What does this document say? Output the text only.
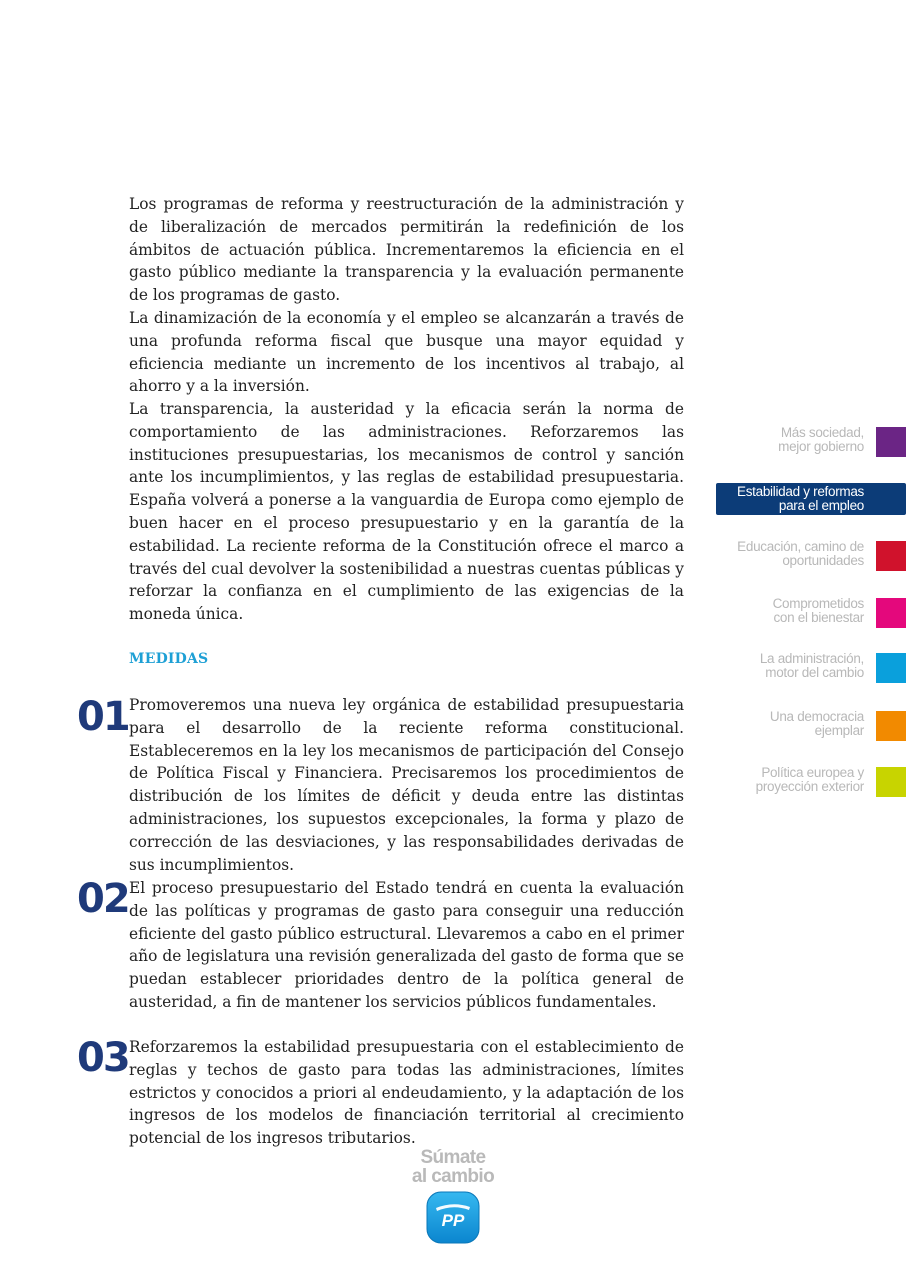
Los programas de reforma y reestructuración de la administración y de liberalización de mercados permitirán la redefinición de los ámbitos de actuación pública. Incrementaremos la eficiencia en el gasto público mediante la transparencia y la evaluación permanente de los programas de gasto.

La dinamización de la economía y el empleo se alcanzarán a través de una profunda reforma fiscal que busque una mayor equidad y eficiencia mediante un incremento de los incentivos al trabajo, al ahorro y a la inversión.

La transparencia, la austeridad y la eficacia serán la norma de comportamiento de las administraciones. Reforzaremos las instituciones presupuestarias, los mecanismos de control y sanción ante los incumplimientos, y las reglas de estabilidad presupuestaria. España volverá a ponerse a la vanguardia de Europa como ejemplo de buen hacer en el proceso presupuestario y en la garantía de la estabilidad. La reciente reforma de la Constitución ofrece el marco a través del cual devolver la sostenibilidad a nuestras cuentas públicas y reforzar la confianza en el cumplimiento de las exigencias de la moneda única.

MEDIDAS
01 Promoveremos una nueva ley orgánica de estabilidad presupuestaria para el desarrollo de la reciente reforma constitucional. Estableceremos en la ley los mecanismos de participación del Consejo de Política Fiscal y Financiera. Precisaremos los procedimientos de distribución de los límites de déficit y deuda entre las distintas administraciones, los supuestos excepcionales, la forma y plazo de corrección de las desviaciones, y las responsabilidades derivadas de sus incumplimientos.

02 El proceso presupuestario del Estado tendrá en cuenta la evaluación de las políticas y programas de gasto para conseguir una reducción eficiente del gasto público estructural. Llevaremos a cabo en el primer año de legislatura una revisión generalizada del gasto de forma que se puedan establecer prioridades dentro de la política general de austeridad, a fin de mantener los servicios públicos fundamentales.

03 Reforzaremos la estabilidad presupuestaria con el establecimiento de reglas y techos de gasto para todas las administraciones, límites estrictos y conocidos a priori al endeudamiento, y la adaptación de los ingresos de los modelos de financiación territorial al crecimiento potencial de los ingresos tributarios.

Más sociedad,
mejor gobierno
Estabilidad y reformas
para el empleo
Educación, camino de
oportunidades
Comprometidos
con el bienestar
La administración,
motor del cambio
Una democracia
ejemplar
Política europea y
proyección exterior
Súmate
al cambio
PP
